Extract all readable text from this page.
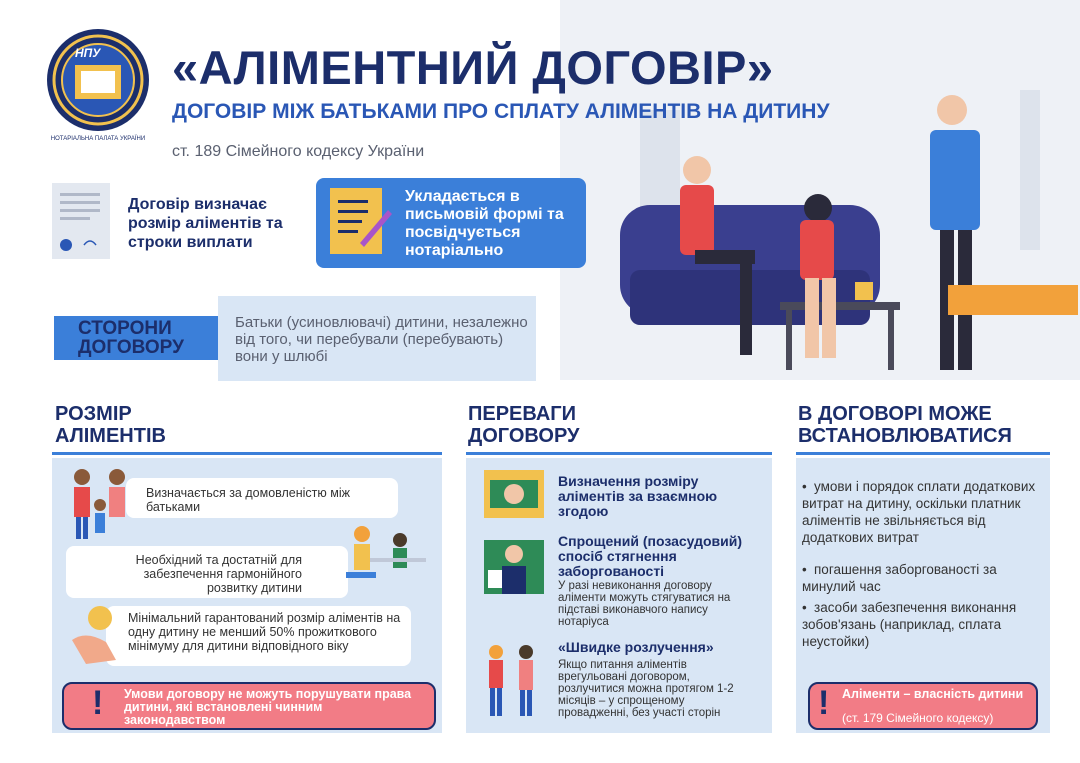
НПУ
НОТАРІАЛЬНА ПАЛАТА УКРАЇНИ
«АЛІМЕНТНИЙ ДОГОВІР»
ДОГОВІР МІЖ БАТЬКАМИ ПРО СПЛАТУ АЛІМЕНТІВ НА ДИТИНУ
ст. 189 Сімейного кодексу України
Договір визначає розмір аліментів та строки виплати
Укладається в письмовій формі та посвідчується нотаріально
СТОРОНИ
ДОГОВОРУ
Батьки (усиновлювачі) дитини, незалежно від того, чи перебували (перебувають) вони у шлюбі
РОЗМІР
АЛІМЕНТІВ
Визначається за домовленістю між батьками
Необхідний та достатній для забезпечення гармонійного розвитку дитини
Мінімальний гарантований розмір аліментів на одну дитину не менший 50% прожиткового мінімуму для дитини відповідного віку
! Умови договору не можуть порушувати права дитини, які встановлені чинним законодавством
ПЕРЕВАГИ
ДОГОВОРУ
Визначення розміру аліментів за взаємною згодою
Спрощений (позасудовий) спосіб стягнення заборгованості
У разі невиконання договору аліменти можуть стягуватися на підставі виконавчого напису нотаріуса
«Швидке розлучення»
Якщо питання аліментів врегульовані договором, розлучитися можна протягом 1-2 місяців – у спрощеному провадженні, без участі сторін
В ДОГОВОРІ МОЖЕ
ВСТАНОВЛЮВАТИСЯ
• умови і порядок сплати додаткових витрат на дитину, оскільки платник аліментів не звільняється від додаткових витрат
• погашення заборгованості за минулий час
• засоби забезпечення виконання зобов'язань (наприклад, сплата неустойки)
! Аліменти – власність дитини
(ст. 179 Сімейного кодексу)
